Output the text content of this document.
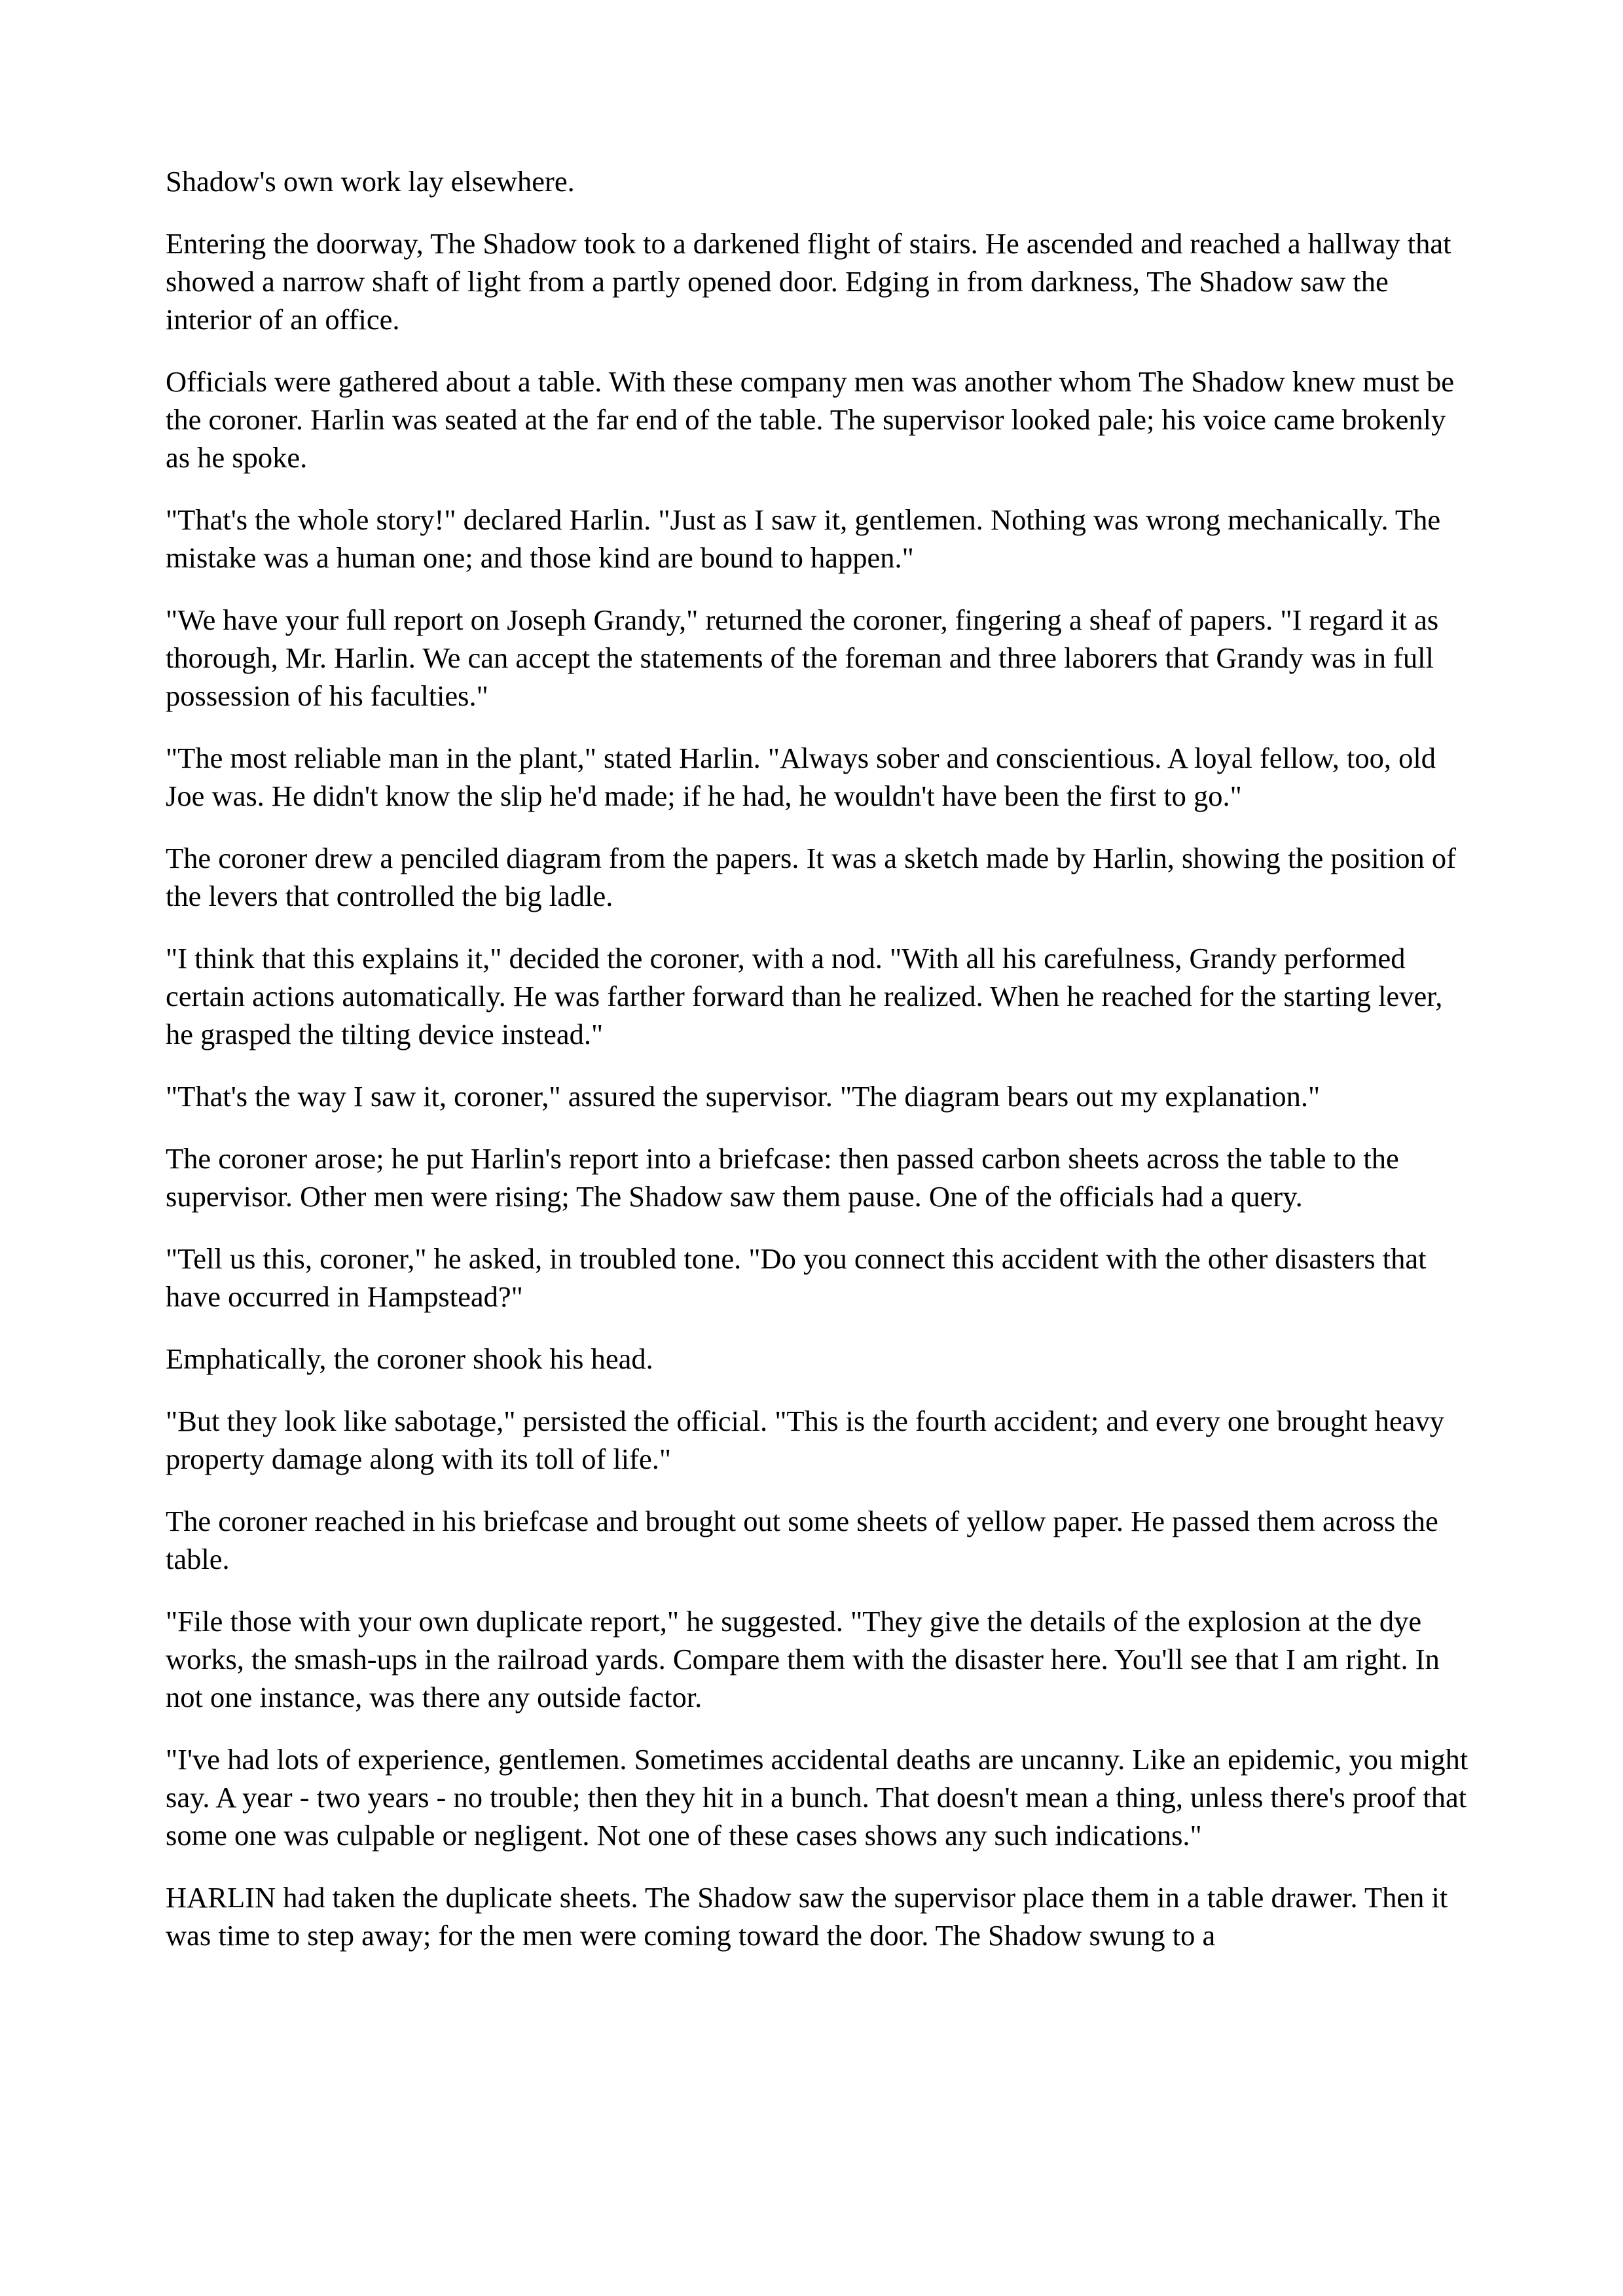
Shadow's own work lay elsewhere.

Entering the doorway, The Shadow took to a darkened flight of stairs. He ascended and reached a hallway that showed a narrow shaft of light from a partly opened door. Edging in from darkness, The Shadow saw the interior of an office.

Officials were gathered about a table. With these company men was another whom The Shadow knew must be the coroner. Harlin was seated at the far end of the table. The supervisor looked pale; his voice came brokenly as he spoke.

"That's the whole story!" declared Harlin. "Just as I saw it, gentlemen. Nothing was wrong mechanically. The mistake was a human one; and those kind are bound to happen."

"We have your full report on Joseph Grandy," returned the coroner, fingering a sheaf of papers. "I regard it as thorough, Mr. Harlin. We can accept the statements of the foreman and three laborers that Grandy was in full possession of his faculties."

"The most reliable man in the plant," stated Harlin. "Always sober and conscientious. A loyal fellow, too, old Joe was. He didn't know the slip he'd made; if he had, he wouldn't have been the first to go."

The coroner drew a penciled diagram from the papers. It was a sketch made by Harlin, showing the position of the levers that controlled the big ladle.

"I think that this explains it," decided the coroner, with a nod. "With all his carefulness, Grandy performed certain actions automatically. He was farther forward than he realized. When he reached for the starting lever, he grasped the tilting device instead."

"That's the way I saw it, coroner," assured the supervisor. "The diagram bears out my explanation."

The coroner arose; he put Harlin's report into a briefcase: then passed carbon sheets across the table to the supervisor. Other men were rising; The Shadow saw them pause. One of the officials had a query.

"Tell us this, coroner," he asked, in troubled tone. "Do you connect this accident with the other disasters that have occurred in Hampstead?"

Emphatically, the coroner shook his head.

"But they look like sabotage," persisted the official. "This is the fourth accident; and every one brought heavy property damage along with its toll of life."

The coroner reached in his briefcase and brought out some sheets of yellow paper. He passed them across the table.

"File those with your own duplicate report," he suggested. "They give the details of the explosion at the dye works, the smash-ups in the railroad yards. Compare them with the disaster here. You'll see that I am right. In not one instance, was there any outside factor.

"I've had lots of experience, gentlemen. Sometimes accidental deaths are uncanny. Like an epidemic, you might say. A year - two years - no trouble; then they hit in a bunch. That doesn't mean a thing, unless there's proof that some one was culpable or negligent. Not one of these cases shows any such indications."

HARLIN had taken the duplicate sheets. The Shadow saw the supervisor place them in a table drawer. Then it was time to step away; for the men were coming toward the door. The Shadow swung to a
